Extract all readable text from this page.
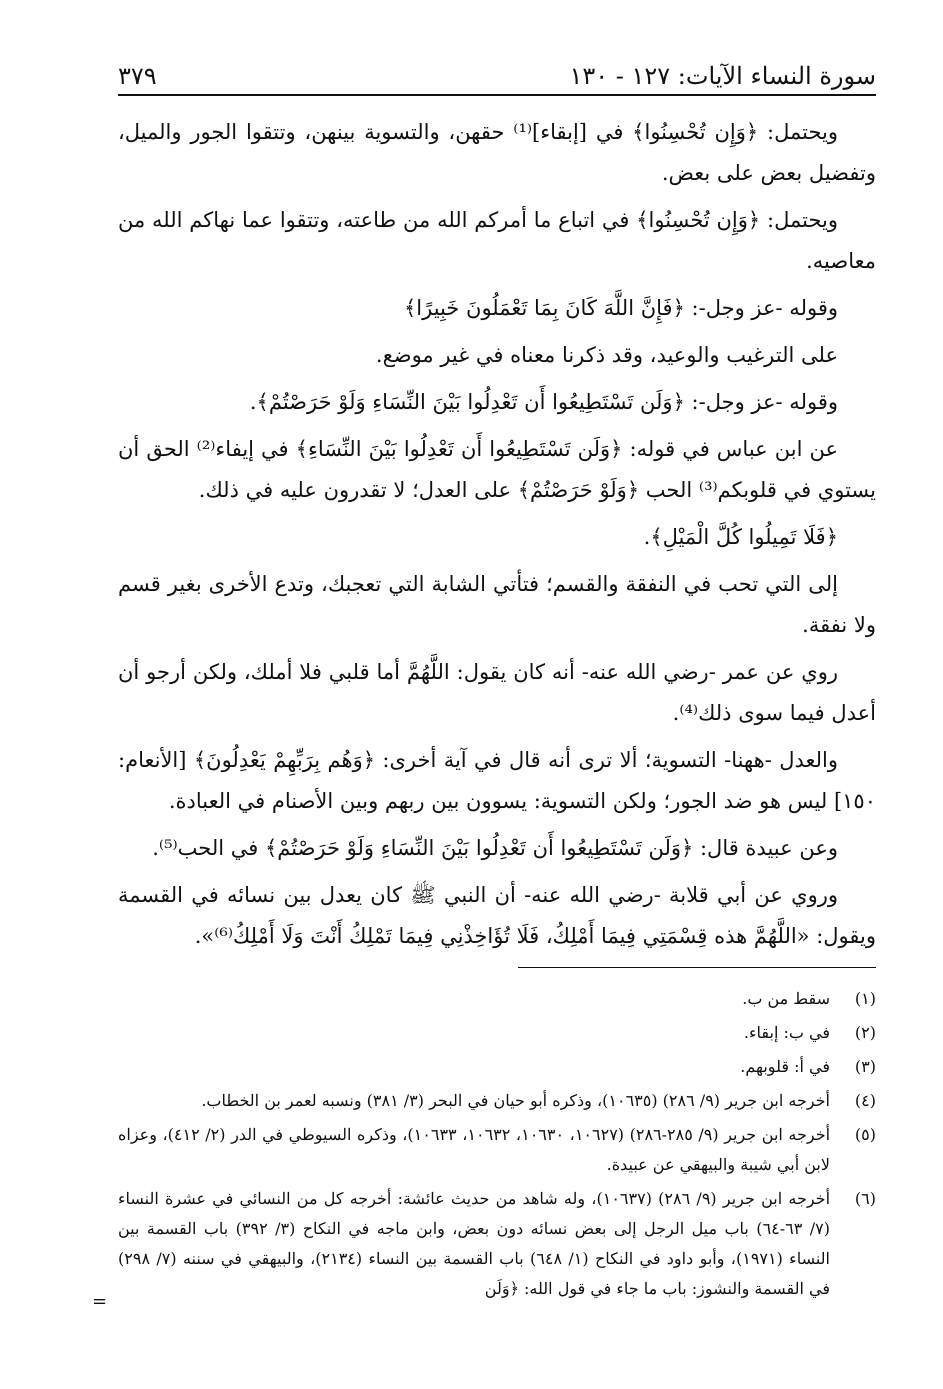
سورة النساء الآيات: ١٢٧ - ١٣٠
٣٧٩

ويحتمل: ﴿وَإِن تُحْسِنُوا﴾ في [إبقاء]⁽¹⁾ حقهن، والتسوية بينهن، وتتقوا الجور والميل، وتفضيل بعض على بعض.

ويحتمل: ﴿وَإِن تُحْسِنُوا﴾ في اتباع ما أمركم الله من طاعته، وتتقوا عما نهاكم الله من معاصيه.

وقوله -عز وجل-: ﴿فَإِنَّ اللَّهَ كَانَ بِمَا تَعْمَلُونَ خَبِيرًا﴾

على الترغيب والوعيد، وقد ذكرنا معناه في غير موضع.

وقوله -عز وجل-: ﴿وَلَن تَسْتَطِيعُوا أَن تَعْدِلُوا بَيْنَ النِّسَاءِ وَلَوْ حَرَصْتُمْ﴾.

عن ابن عباس في قوله: ﴿وَلَن تَسْتَطِيعُوا أَن تَعْدِلُوا بَيْنَ النِّسَاءِ﴾ في إيفاء⁽²⁾ الحق أن يستوي في قلوبكم⁽³⁾ الحب ﴿وَلَوْ حَرَصْتُمْ﴾ على العدل؛ لا تقدرون عليه في ذلك.

﴿فَلَا تَمِيلُوا كُلَّ الْمَيْلِ﴾.

إلى التي تحب في النفقة والقسم؛ فتأتي الشابة التي تعجبك، وتدع الأخرى بغير قسم ولا نفقة.

روي عن عمر -رضي الله عنه- أنه كان يقول: اللَّهُمَّ أما قلبي فلا أملك، ولكن أرجو أن أعدل فيما سوى ذلك⁽⁴⁾.

والعدل -ههنا- التسوية؛ ألا ترى أنه قال في آية أخرى: ﴿وَهُم بِرَبِّهِمْ يَعْدِلُونَ﴾ [الأنعام: ١٥٠] ليس هو ضد الجور؛ ولكن التسوية: يسوون بين ربهم وبين الأصنام في العبادة.

وعن عبيدة قال: ﴿وَلَن تَسْتَطِيعُوا أَن تَعْدِلُوا بَيْنَ النِّسَاءِ وَلَوْ حَرَصْتُمْ﴾ في الحب⁽⁵⁾.

وروي عن أبي قلابة -رضي الله عنه- أن النبي ﷺ كان يعدل بين نسائه في القسمة ويقول: «اللَّهُمَّ هذه قِسْمَتِي فِيمَا أَمْلِكُ، فَلَا تُؤَاخِذْنِي فِيمَا تَمْلِكُ أَنْتَ وَلَا أَمْلِكُ⁽⁶⁾».

(١)
سقط من ب.
(٢)
في ب: إبقاء.
(٣)
في أ: قلوبهم.
(٤)
أخرجه ابن جرير (٩/ ٢٨٦) (١٠٦٣٥)، وذكره أبو حيان في البحر (٣/ ٣٨١) ونسبه لعمر بن الخطاب.
(٥)
أخرجه ابن جرير (٩/ ٢٨٥-٢٨٦) (١٠٦٢٧، ١٠٦٣٠، ١٠٦٣٢، ١٠٦٣٣)، وذكره السيوطي في الدر (٢/ ٤١٢)، وعزاه لابن أبي شيبة والبيهقي عن عبيدة.
(٦)
أخرجه ابن جرير (٩/ ٢٨٦) (١٠٦٣٧)، وله شاهد من حديث عائشة: أخرجه كل من النسائي في عشرة النساء (٧/ ٦٣-٦٤) باب ميل الرجل إلى بعض نسائه دون بعض، وابن ماجه في النكاح (٣/ ٣٩٢) باب القسمة بين النساء (١٩٧١)، وأبو داود في النكاح (١/ ٦٤٨) باب القسمة بين النساء (٢١٣٤)، والبيهقي في سننه (٧/ ٢٩٨) في القسمة والنشوز: باب ما جاء في قول الله: ﴿وَلَن
=
